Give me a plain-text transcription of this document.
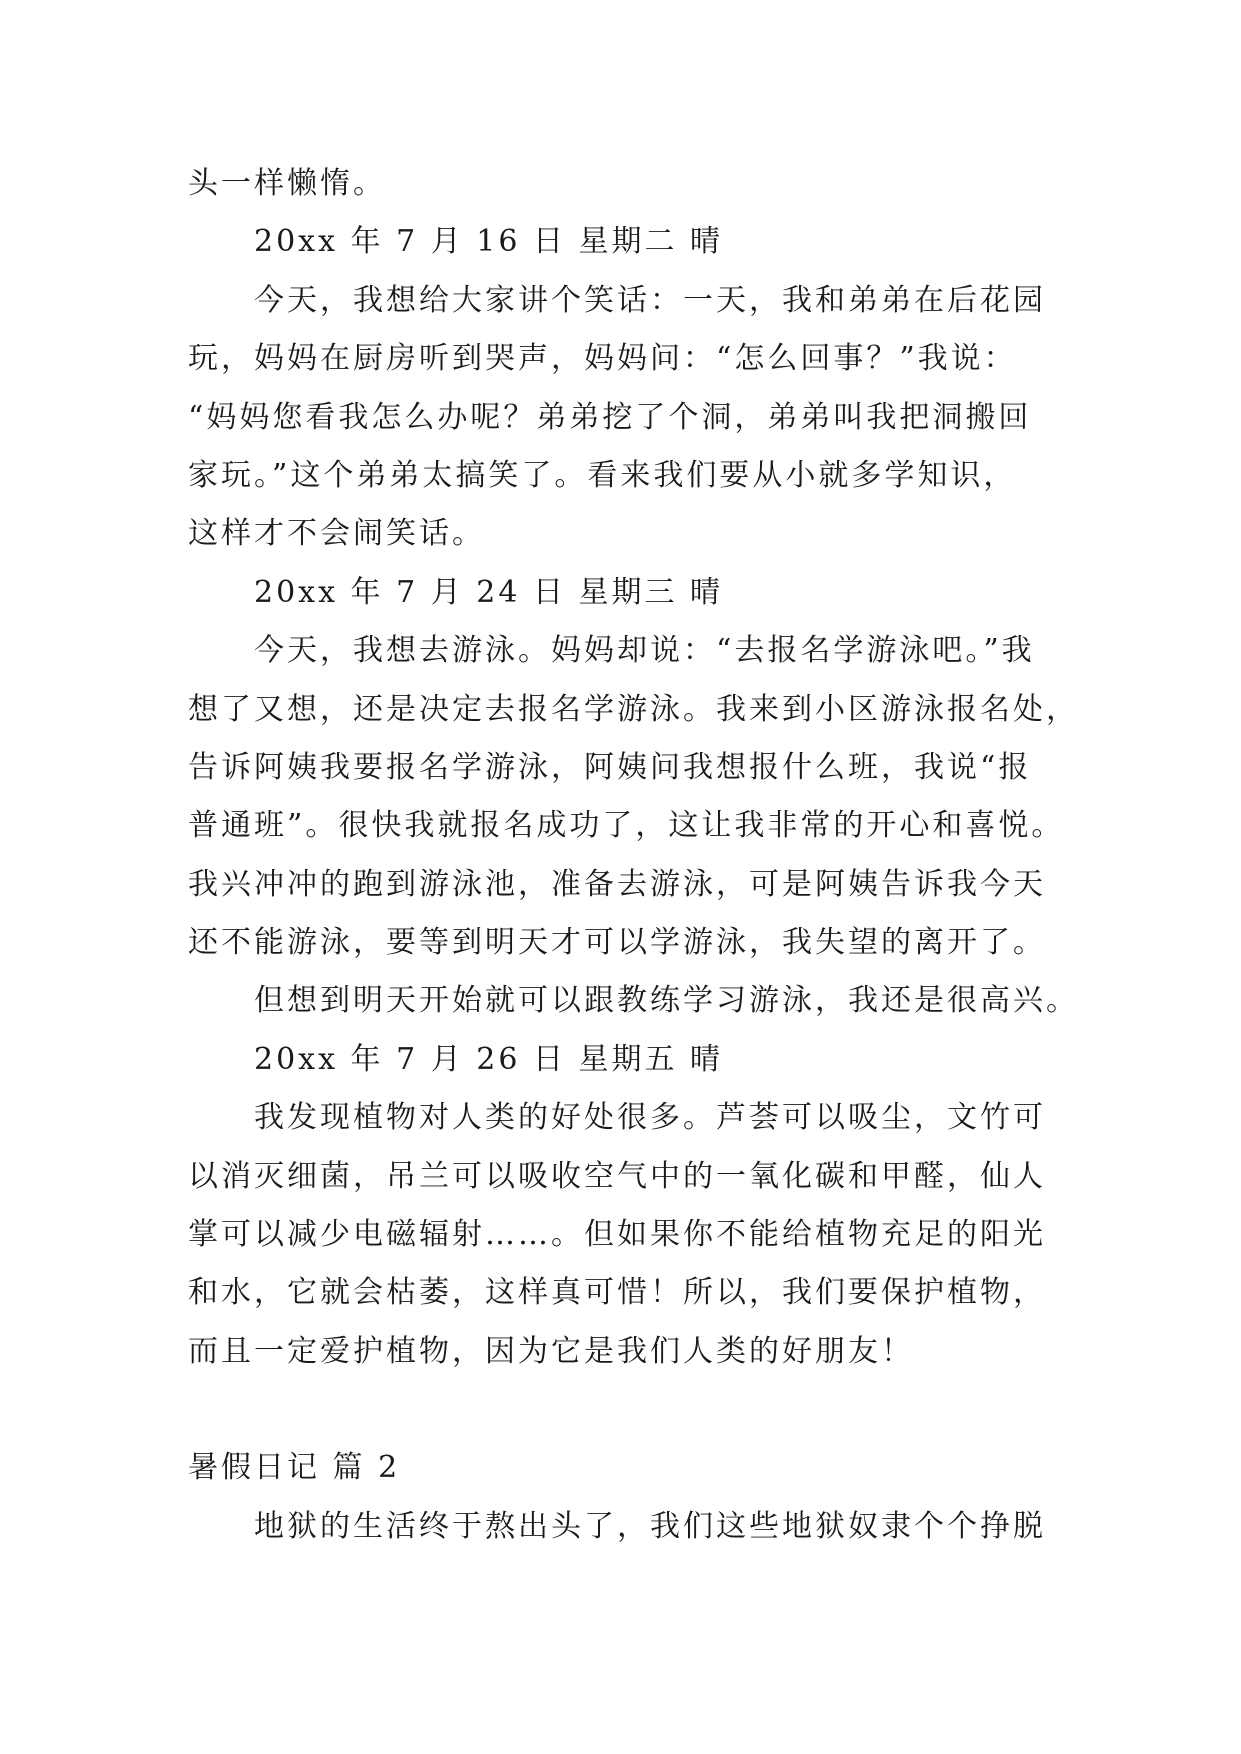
头一样懒惰。
20xx 年 7 月 16 日 星期二 晴
今天，我想给大家讲个笑话：一天，我和弟弟在后花园
玩，妈妈在厨房听到哭声，妈妈问：“怎么回事？”我说：
“妈妈您看我怎么办呢？弟弟挖了个洞，弟弟叫我把洞搬回
家玩。”这个弟弟太搞笑了。看来我们要从小就多学知识，
这样才不会闹笑话。
20xx 年 7 月 24 日 星期三 晴
今天，我想去游泳。妈妈却说：“去报名学游泳吧。”我
想了又想，还是决定去报名学游泳。我来到小区游泳报名处，
告诉阿姨我要报名学游泳，阿姨问我想报什么班，我说“报
普通班”。很快我就报名成功了，这让我非常的开心和喜悦。
我兴冲冲的跑到游泳池，准备去游泳，可是阿姨告诉我今天
还不能游泳，要等到明天才可以学游泳，我失望的离开了。
但想到明天开始就可以跟教练学习游泳，我还是很高兴。
20xx 年 7 月 26 日 星期五 晴
我发现植物对人类的好处很多。芦荟可以吸尘，文竹可
以消灭细菌，吊兰可以吸收空气中的一氧化碳和甲醛，仙人
掌可以减少电磁辐射……。但如果你不能给植物充足的阳光
和水，它就会枯萎，这样真可惜！所以，我们要保护植物，
而且一定爱护植物，因为它是我们人类的好朋友！
暑假日记 篇 2
地狱的生活终于熬出头了，我们这些地狱奴隶个个挣脱
